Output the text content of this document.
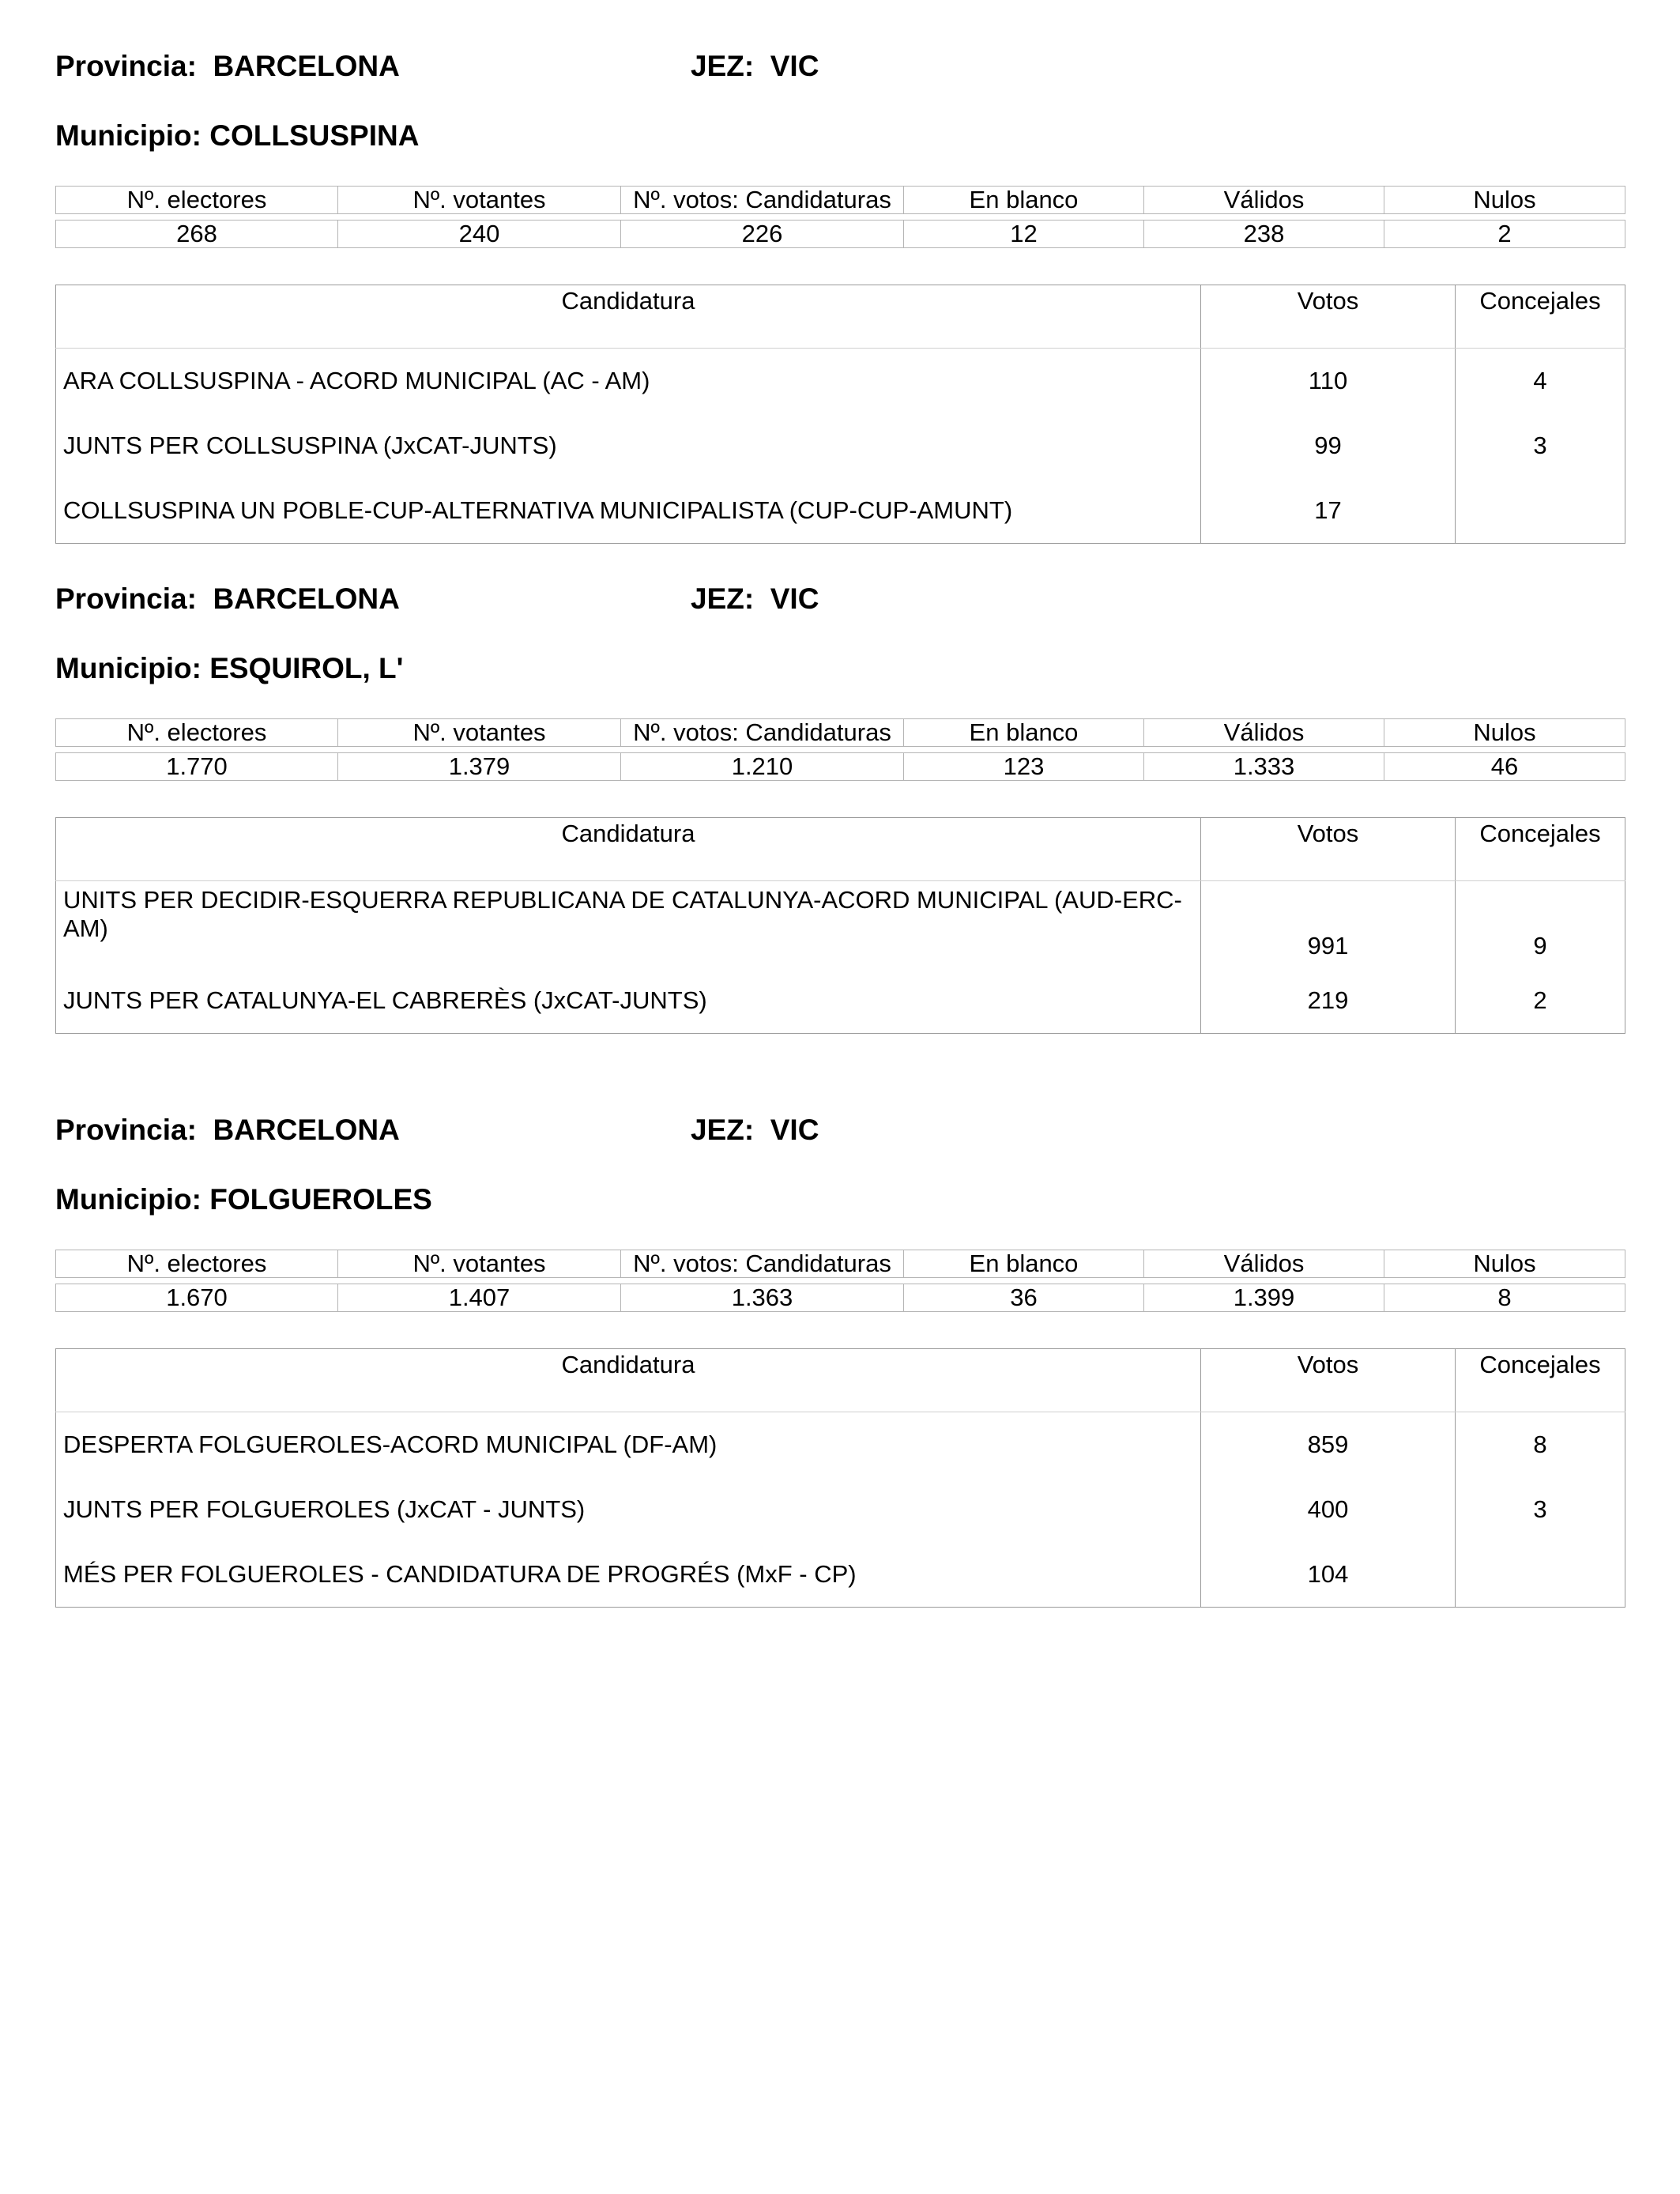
Provincia:  BARCELONA	JEZ:  VIC
Municipio: COLLSUSPINA
Nº. electores	Nº. votantes	Nº. votos: Candidaturas	En blanco	Válidos	Nulos

268	240	226	12	238	2
Candidatura	Votos	Concejales
ARA COLLSUSPINA - ACORD MUNICIPAL (AC - AM)	110	4
JUNTS PER COLLSUSPINA (JxCAT-JUNTS)	99	3
COLLSUSPINA UN POBLE-CUP-ALTERNATIVA MUNICIPALISTA (CUP-CUP-AMUNT)	17	
Provincia:  BARCELONA	JEZ:  VIC
Municipio: ESQUIROL, L'
Nº. electores	Nº. votantes	Nº. votos: Candidaturas	En blanco	Válidos	Nulos

1.770	1.379	1.210	123	1.333	46
Candidatura	Votos	Concejales
UNITS PER DECIDIR-ESQUERRA REPUBLICANA DE CATALUNYA-ACORD MUNICIPAL (AUD-ERC-AM)	991	9
JUNTS PER CATALUNYA-EL CABRERÈS (JxCAT-JUNTS)	219	2
Provincia:  BARCELONA	JEZ:  VIC
Municipio: FOLGUEROLES
Nº. electores	Nº. votantes	Nº. votos: Candidaturas	En blanco	Válidos	Nulos

1.670	1.407	1.363	36	1.399	8
Candidatura	Votos	Concejales
DESPERTA FOLGUEROLES-ACORD MUNICIPAL (DF-AM)	859	8
JUNTS PER FOLGUEROLES (JxCAT - JUNTS)	400	3
MÉS PER FOLGUEROLES - CANDIDATURA DE PROGRÉS (MxF - CP)	104	
